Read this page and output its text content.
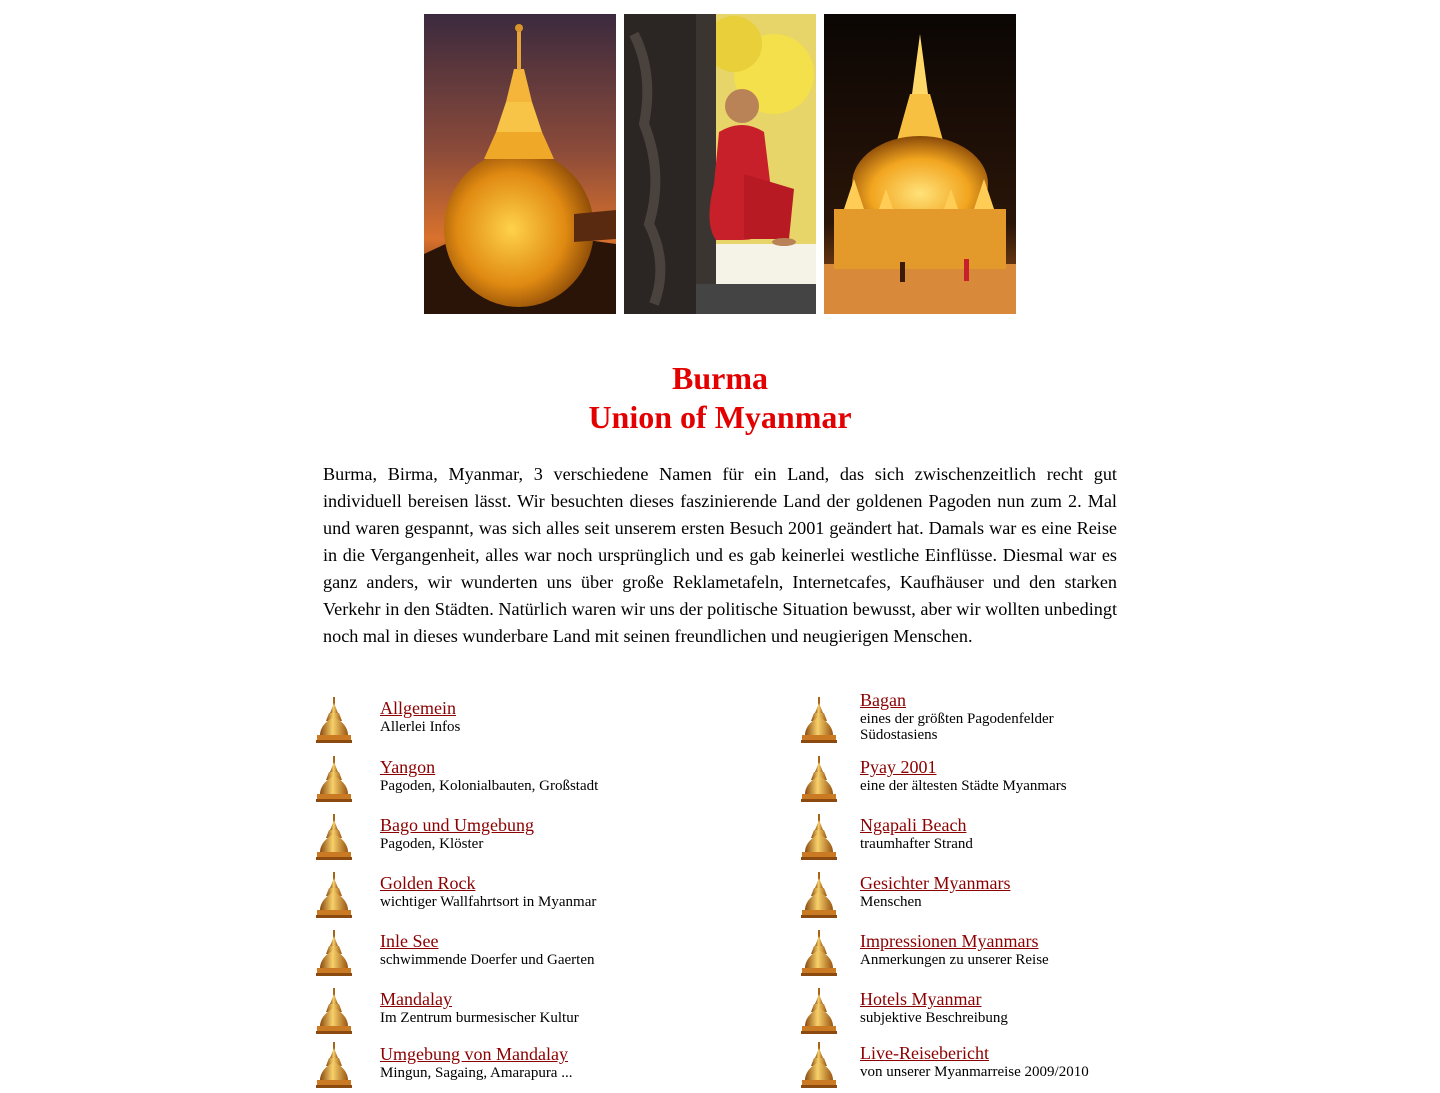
Burma
Union of Myanmar

Burma, Birma, Myanmar, 3 verschiedene Namen für ein Land, das sich zwischenzeitlich recht gut individuell bereisen lässt. Wir besuchten dieses faszinierende Land der goldenen Pagoden nun zum 2. Mal und waren gespannt, was sich alles seit unserem ersten Besuch 2001 geändert hat. Damals war es eine Reise in die Vergangenheit, alles war noch ursprünglich und es gab keinerlei westliche Einflüsse. Diesmal war es ganz anders, wir wunderten uns über große Reklametafeln, Internetcafes, Kaufhäuser und den starken Verkehr in den Städten. Natürlich waren wir uns der politische Situation bewusst, aber wir wollten unbedingt noch mal in dieses wunderbare Land mit seinen freundlichen und neugierigen Menschen.

Allgemein
Allerlei Infos
Yangon
Pagoden, Kolonialbauten, Großstadt
Bago und Umgebung
Pagoden, Klöster
Golden Rock
wichtiger Wallfahrtsort in Myanmar
Inle See
schwimmende Doerfer und Gaerten
Mandalay
Im Zentrum burmesischer Kultur
Umgebung von Mandalay
Mingun, Sagaing, Amarapura ...
Bagan
eines der größten Pagodenfelder Südostasiens
Pyay 2001
eine der ältesten Städte Myanmars
Ngapali Beach
traumhafter Strand
Gesichter Myanmars
Menschen
Impressionen Myanmars
Anmerkungen zu unserer Reise
Hotels Myanmar
subjektive Beschreibung
Live-Reisebericht
von unserer Myanmarreise 2009/2010
